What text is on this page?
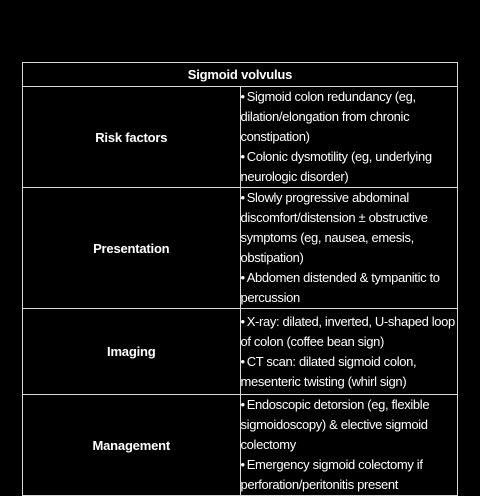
Sigmoid volvulus	
Risk factors	• Sigmoid colon redundancy (eg, dilation/elongation from chronic constipation)
• Colonic dysmotility (eg, underlying neurologic disorder)

Presentation	• Slowly progressive abdominal discomfort/distension ± obstructive symptoms (eg, nausea, emesis, obstipation)
• Abdomen distended & tympanitic to percussion

Imaging	• X-ray: dilated, inverted, U-shaped loop of colon (coffee bean sign)
• CT scan: dilated sigmoid colon, mesenteric twisting (whirl sign)

Management	• Endoscopic detorsion (eg, flexible sigmoidoscopy) & elective sigmoid colectomy
• Emergency sigmoid colectomy if perforation/peritonitis present
